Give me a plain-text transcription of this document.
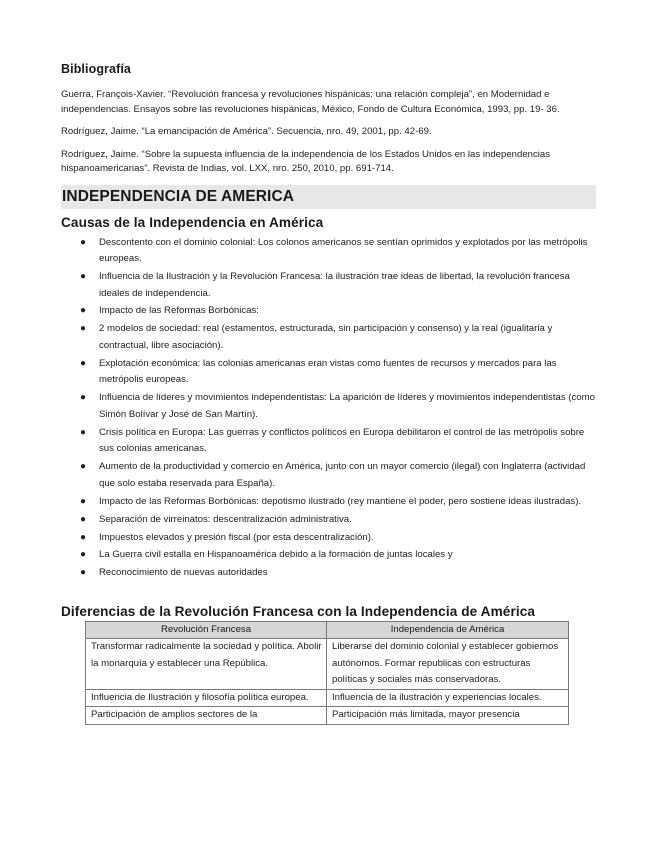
Bibliografía
Guerra, François-Xavier. “Revolución francesa y revoluciones hispánicas: una relación compleja”, en Modernidad e independencias. Ensayos sobre las revoluciones hispánicas, México, Fondo de Cultura Económica, 1993, pp. 19- 36.
Rodríguez, Jaime. “La emancipación de América”. Secuencia, nro. 49, 2001, pp. 42-69.
Rodríguez, Jaime. “Sobre la supuesta influencia de la independencia de los Estados Unidos en las independencias hispanoamericanas”. Revista de Indias, vol. LXX, nro. 250, 2010, pp. 691-714.
INDEPENDENCIA DE AMERICA
Causas de la Independencia en América
● Descontento con el dominio colonial: Los colonos americanos se sentían oprimidos y explotados por las metrópolis europeas.
● Influencia de la Ilustración y la Revolución Francesa: la ilustración trae ideas de libertad, la revolución francesa ideales de independencia.
● Impacto de las Reformas Borbónicas:
● 2 modelos de sociedad: real (estamentos, estructurada, sin participación y consenso) y la real (igualitaria y contractual, libre asociación).
● Explotación económica: las colonias americanas eran vistas como fuentes de recursos y mercados para las metrópolis europeas.
● Influencia de líderes y movimientos independentistas: La aparición de líderes y movimientos independentistas (como Simón Bolívar y José de San Martín).
● Crisis política en Europa: Las guerras y conflictos políticos en Europa debilitaron el control de las metrópolis sobre sus colonias americanas.
● Aumento de la productividad y comercio en América, junto con un mayor comercio (ilegal) con Inglaterra (actividad que solo estaba reservada para España).
● Impacto de las Reformas Borbónicas: depotismo ilustrado (rey mantiene el poder, pero sostiene ideas ilustradas).
● Separación de virreinatos: descentralización administrativa.
● Impuestos elevados y presión fiscal (por esta descentralización).
● La Guerra civil estalla en Hispanoamérica debido a la formación de juntas locales y
● Reconocimiento de nuevas autoridades
Diferencias de la Revolución Francesa con la Independencia de América
Revolución Francesa	Independencia de América
Transformar radicalmente la sociedad y política. Abolir la monarquía y establecer una República.	Liberarse del dominio colonial y establecer gobiernos autónomos. Formar republicas con estructuras políticas y sociales más conservadoras.
Influencia de Ilustración y filosofía política europea.	Influencia de la ilustración y experiencias locales.
Participación de amplios sectores de la	Participación más limitada, mayor presencia
